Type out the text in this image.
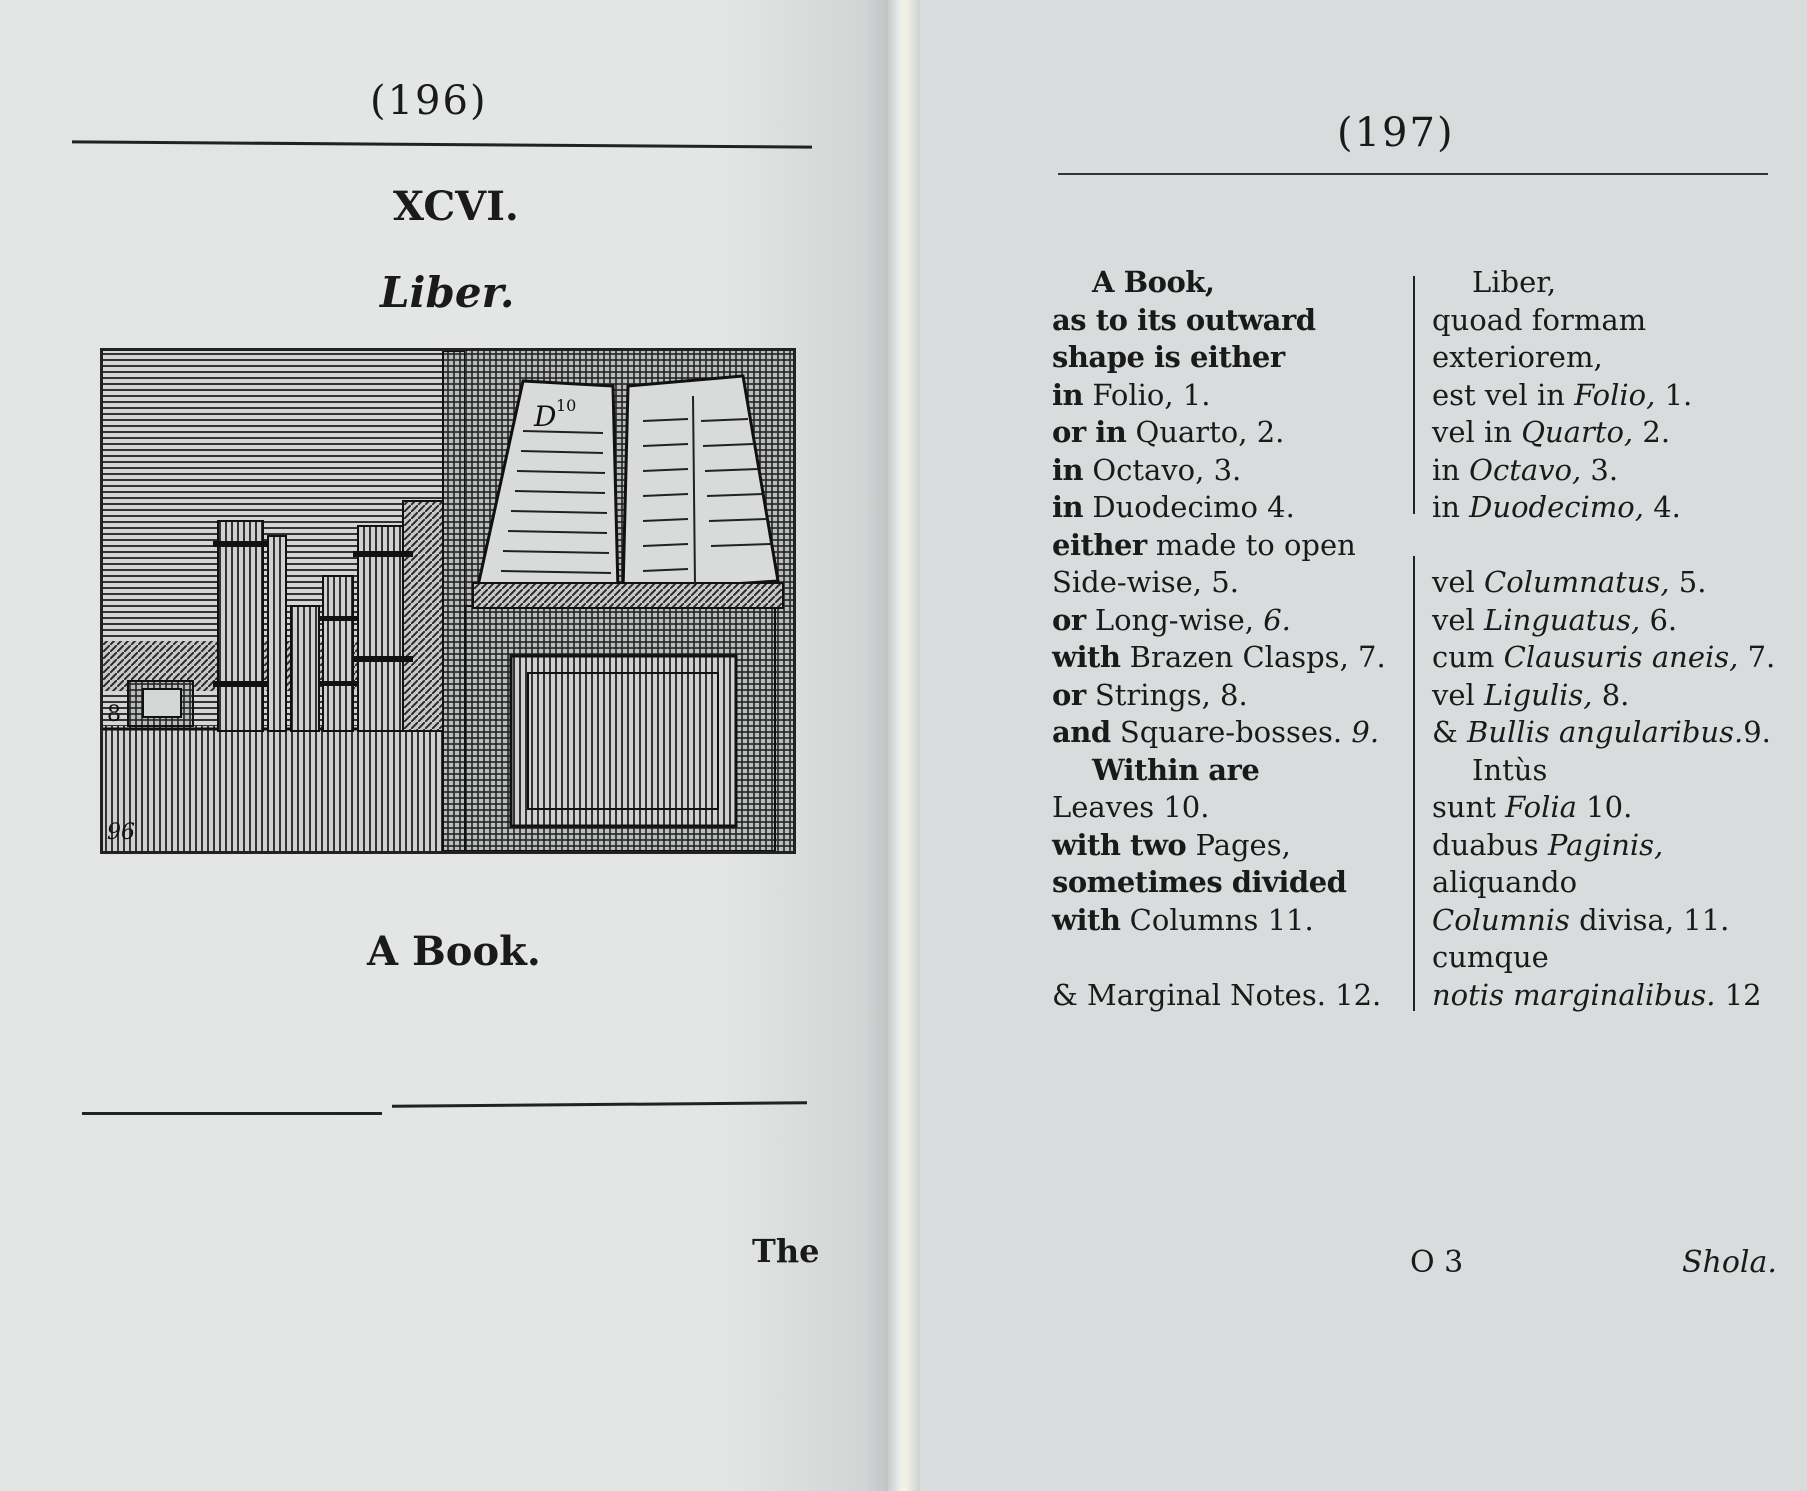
(196)
XCVI.
Liber.
D 10
8
96
A Book.
The
(197)
A Book,
as to its outward
shape is either
in Folio, 1.
or in Quarto, 2.
in Octavo, 3.
in Duodecimo 4.
either made to open
Side-wise, 5.
or Long-wise, 6.
with Brazen Clasps, 7.
or Strings, 8.
and Square-bosses. 9.
Within are
Leaves 10.
with two Pages,
sometimes divided
with Columns 11.
& Marginal Notes. 12.
Liber,
quoad formam
exteriorem,
est vel in Folio, 1.
vel in Quarto, 2.
in Octavo, 3.
in Duodecimo, 4.
vel Columnatus, 5.
vel Linguatus, 6.
cum Clausuris aneis, 7.
vel Ligulis, 8.
& Bullis angularibus.9.
Intùs
sunt Folia 10.
duabus Paginis,
aliquando
Columnis divisa, 11.
cumque
notis marginalibus. 12
O 3	Shola.
